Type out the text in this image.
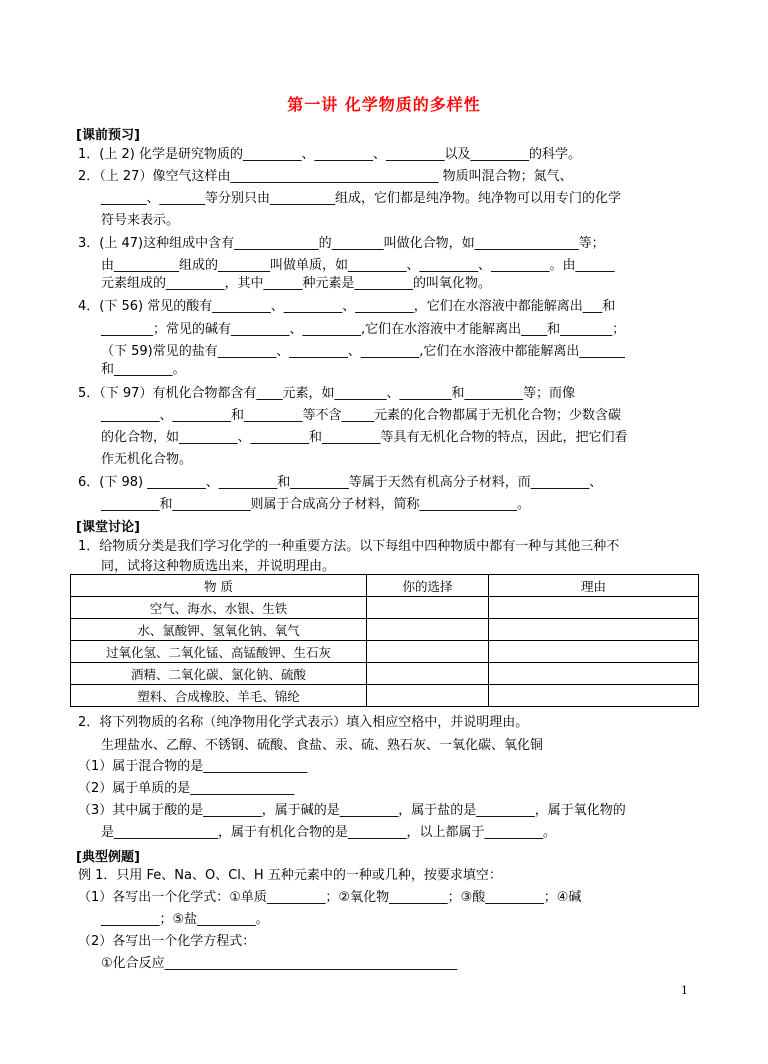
第一讲 化学物质的多样性
[课前预习]
1．(上 2) 化学是研究物质的_________、_________、_________以及_________的科学。
2．（上 27）像空气这样由________________________________ 物质叫混合物；氮气、
_______、_______等分别只由__________组成，它们都是纯净物。纯净物可以用专门的化学
符号来表示。
3．(上 47)这种组成中含有_____________的________叫做化合物，如________________等；
由__________组成的________叫做单质，如_________、_________、_________。由______
元素组成的_________，其中______种元素是_________的叫氧化物。
4．(下 56) 常见的酸有_________、_________、_________，它们在水溶液中都能解离出___和
________；常见的碱有_________、_________,它们在水溶液中才能解离出____和________；
（下 59)常见的盐有_________、_________、_________,它们在水溶液中都能解离出_______
和_________。
5．（下 97）有机化合物都含有____元素，如________、________和_________等；而像
_________、_________和_________等不含_____元素的化合物都属于无机化合物；少数含碳
的化合物，如_________、_________和_________等具有无机化合物的特点，因此，把它们看
作无机化合物。
6．(下 98) _________、_________和_________等属于天然有机高分子材料，而_________、
_________和____________则属于合成高分子材料，简称_______________。
[课堂讨论]
1．给物质分类是我们学习化学的一种重要方法。以下每组中四种物质中都有一种与其他三种不
同，试将这种物质选出来，并说明理由。
物 质	你的选择	理由
空气、海水、水银、生铁		
水、氯酸钾、氢氧化钠、氧气		
过氧化氢、二氧化锰、高锰酸钾、生石灰		
酒精、二氧化碳、氯化钠、硫酸		
塑料、合成橡胶、羊毛、锦纶		
2．将下列物质的名称（纯净物用化学式表示）填入相应空格中，并说明理由。
生理盐水、乙醇、不锈钢、硫酸、食盐、汞、硫、熟石灰、一氧化碳、氧化铜
（1）属于混合物的是________________
（2）属于单质的是________________
（3）其中属于酸的是_________，属于碱的是_________，属于盐的是_________，属于氧化物的
是________________，属于有机化合物的是_________，以上都属于_________。
[典型例题]
例 1．只用 Fe、Na、O、Cl、H 五种元素中的一种或几种，按要求填空：
（1）各写出一个化学式：①单质_________；②氧化物_________；③酸_________；④碱
_________；⑤盐_________。
（2）各写出一个化学方程式：
①化合反应_____________________________________________
1
